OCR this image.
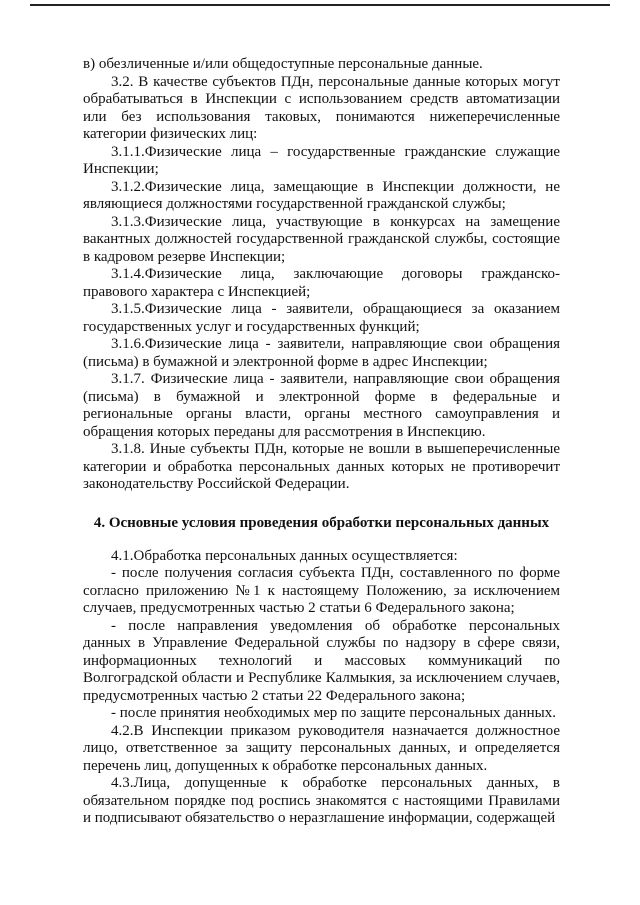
в) обезличенные и/или общедоступные персональные данные.

3.2. В качестве субъектов ПДн, персональные данные которых могут обрабатываться в Инспекции с использованием средств автоматизации или без использования таковых, понимаются нижеперечисленные категории физических лиц:

3.1.1.Физические лица – государственные гражданские служащие Инспекции;

3.1.2.Физические лица, замещающие в Инспекции должности, не являющиеся должностями государственной гражданской службы;

3.1.3.Физические лица, участвующие в конкурсах на замещение вакантных должностей государственной гражданской службы, состоящие в кадровом резерве Инспекции;

3.1.4.Физические лица, заключающие договоры гражданско-правового характера с Инспекцией;

3.1.5.Физические лица - заявители, обращающиеся за оказанием государственных услуг и государственных функций;

3.1.6.Физические лица - заявители, направляющие свои обращения (письма) в бумажной и электронной форме в адрес Инспекции;

3.1.7. Физические лица - заявители, направляющие свои обращения (письма) в бумажной и электронной форме в федеральные и региональные органы власти, органы местного самоуправления и обращения которых переданы для рассмотрения в Инспекцию.

3.1.8. Иные субъекты ПДн, которые не вошли в вышеперечисленные категории и обработка персональных данных которых не противоречит законодательству Российской Федерации.

4. Основные условия проведения обработки персональных данных

4.1.Обработка персональных данных осуществляется:

- после получения согласия субъекта ПДн, составленного по форме согласно приложению №1 к настоящему Положению, за исключением случаев, предусмотренных частью 2 статьи 6 Федерального закона;

- после направления уведомления об обработке персональных данных в Управление Федеральной службы по надзору в сфере связи, информационных технологий и массовых коммуникаций по Волгоградской области и Республике Калмыкия, за исключением случаев, предусмотренных частью 2 статьи 22 Федерального закона;

- после принятия необходимых мер по защите персональных данных.

4.2.В Инспекции приказом руководителя назначается должностное лицо, ответственное за защиту персональных данных, и определяется перечень лиц, допущенных к обработке персональных данных.

4.3.Лица, допущенные к обработке персональных данных, в обязательном порядке под роспись знакомятся с настоящими Правилами и подписывают обязательство о неразглашение информации, содержащей
